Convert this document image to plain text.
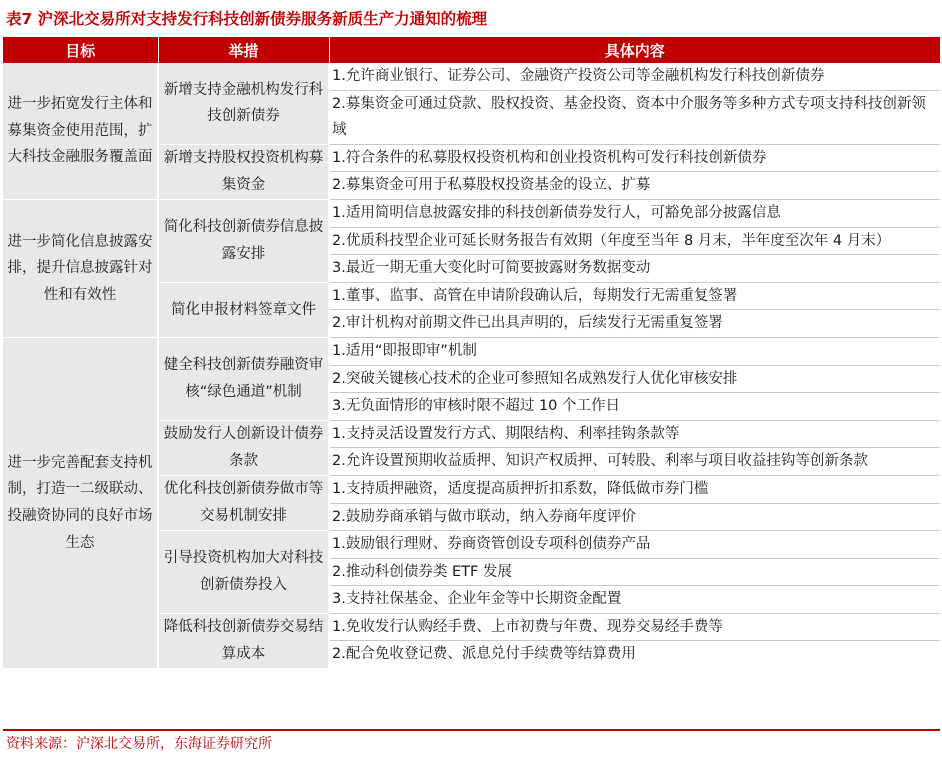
表7 沪深北交易所对支持发行科技创新债券服务新质生产力通知的梳理
目标	举措	具体内容
进一步拓宽发行主体和募集资金使用范围，扩大科技金融服务覆盖面	新增支持金融机构发行科技创新债券	1.允许商业银行、证券公司、金融资产投资公司等金融机构发行科技创新债券
		2.募集资金可通过贷款、股权投资、基金投资、资本中介服务等多种方式专项支持科技创新领域
	新增支持股权投资机构募集资金	1.符合条件的私募股权投资机构和创业投资机构可发行科技创新债券
		2.募集资金可用于私募股权投资基金的设立、扩募
进一步简化信息披露安排，提升信息披露针对性和有效性	简化科技创新债券信息披露安排	1.适用简明信息披露安排的科技创新债券发行人，可豁免部分披露信息
		2.优质科技型企业可延长财务报告有效期（年度至当年 8 月末，半年度至次年 4 月末）
		3.最近一期无重大变化时可简要披露财务数据变动
	简化申报材料签章文件	1.董事、监事、高管在申请阶段确认后，每期发行无需重复签署
		2.审计机构对前期文件已出具声明的，后续发行无需重复签署
进一步完善配套支持机制，打造一二级联动、投融资协同的良好市场生态	健全科技创新债券融资审核“绿色通道”机制	1.适用“即报即审”机制
		2.突破关键核心技术的企业可参照知名成熟发行人优化审核安排
		3.无负面情形的审核时限不超过 10 个工作日
	鼓励发行人创新设计债券条款	1.支持灵活设置发行方式、期限结构、利率挂钩条款等
		2.允许设置预期收益质押、知识产权质押、可转股、利率与项目收益挂钩等创新条款
	优化科技创新债券做市等交易机制安排	1.支持质押融资，适度提高质押折扣系数，降低做市券门槛
		2.鼓励券商承销与做市联动，纳入券商年度评价
	引导投资机构加大对科技创新债券投入	1.鼓励银行理财、券商资管创设专项科创债券产品
		2.推动科创债券类 ETF 发展
		3.支持社保基金、企业年金等中长期资金配置
	降低科技创新债券交易结算成本	1.免收发行认购经手费、上市初费与年费、现券交易经手费等
		2.配合免收登记费、派息兑付手续费等结算费用
资料来源：沪深北交易所，东海证券研究所
